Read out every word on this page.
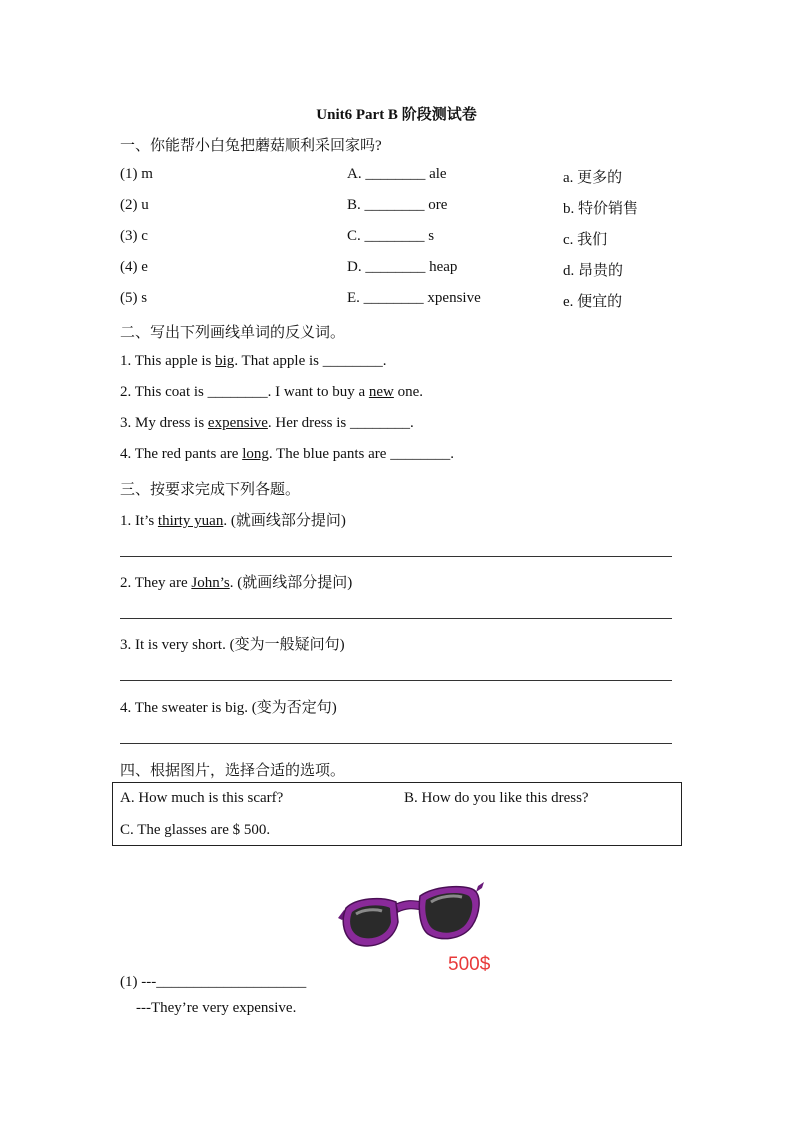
Unit6 Part B 阶段测试卷
一、你能帮小白兔把蘑菇顺利采回家吗?
(1) m	A. ________ ale	a. 更多的
(2) u	B. ________ ore	b. 特价销售
(3) c	C. ________ s	c. 我们
(4) e	D. ________ heap	d. 昂贵的
(5) s	E. ________ xpensive	e. 便宜的
二、写出下列画线单词的反义词。
1. This apple is big. That apple is ________.
2. This coat is ________. I want to buy a new one.
3. My dress is expensive. Her dress is ________.
4. The red pants are long. The blue pants are ________.
三、按要求完成下列各题。
1. It’s thirty yuan. (就画线部分提问)
2. They are John’s. (就画线部分提问)
3. It is very short. (变为一般疑问句)
4. The sweater is big. (变为否定句)
四、根据图片，选择合适的选项。
A. How much is this scarf?	B. How do you like this dress?
C. The glasses are $ 500.
500$
(1) ---____________________
---They’re very expensive.
